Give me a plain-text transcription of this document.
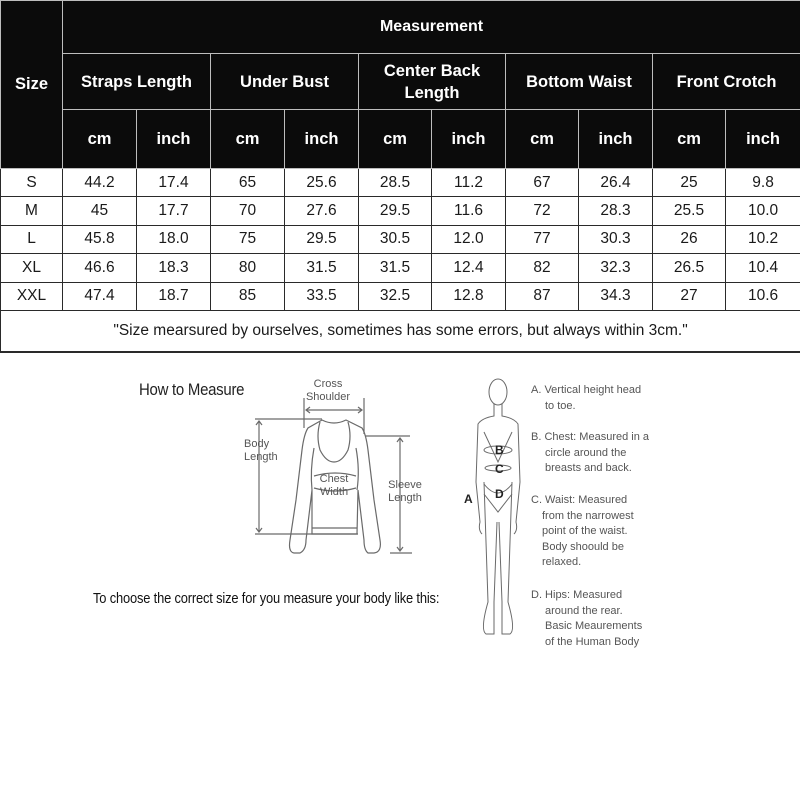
Size	Measurement									
	Straps Length		Under Bust		Center Back Length		Bottom Waist		Front Crotch	
	cm	inch	cm	inch	cm	inch	cm	inch	cm	inch
S	44.2	17.4	65	25.6	28.5	11.2	67	26.4	25	9.8
M	45	17.7	70	27.6	29.5	11.6	72	28.3	25.5	10.0
L	45.8	18.0	75	29.5	30.5	12.0	77	30.3	26	10.2
XL	46.6	18.3	80	31.5	31.5	12.4	82	32.3	26.5	10.4
XXL	47.4	18.7	85	33.5	32.5	12.8	87	34.3	27	10.6
"Size mearsured by ourselves, sometimes has some errors, but always within 3cm."										
How to Measure	Cross
Shoulder
Body
Length
Chest
Width
Sleeve
Length
To choose the correct size for you measure your body like this:
A
B
C
D
A. Vertical height head
to toe.
B. Chest: Measured in a
circle around the
breasts and back.
C. Waist: Measured
from the narrowest
point of the waist.
Body shoould be
relaxed.
D. Hips: Measured
around the rear.
Basic Meaurements
of the Human Body
